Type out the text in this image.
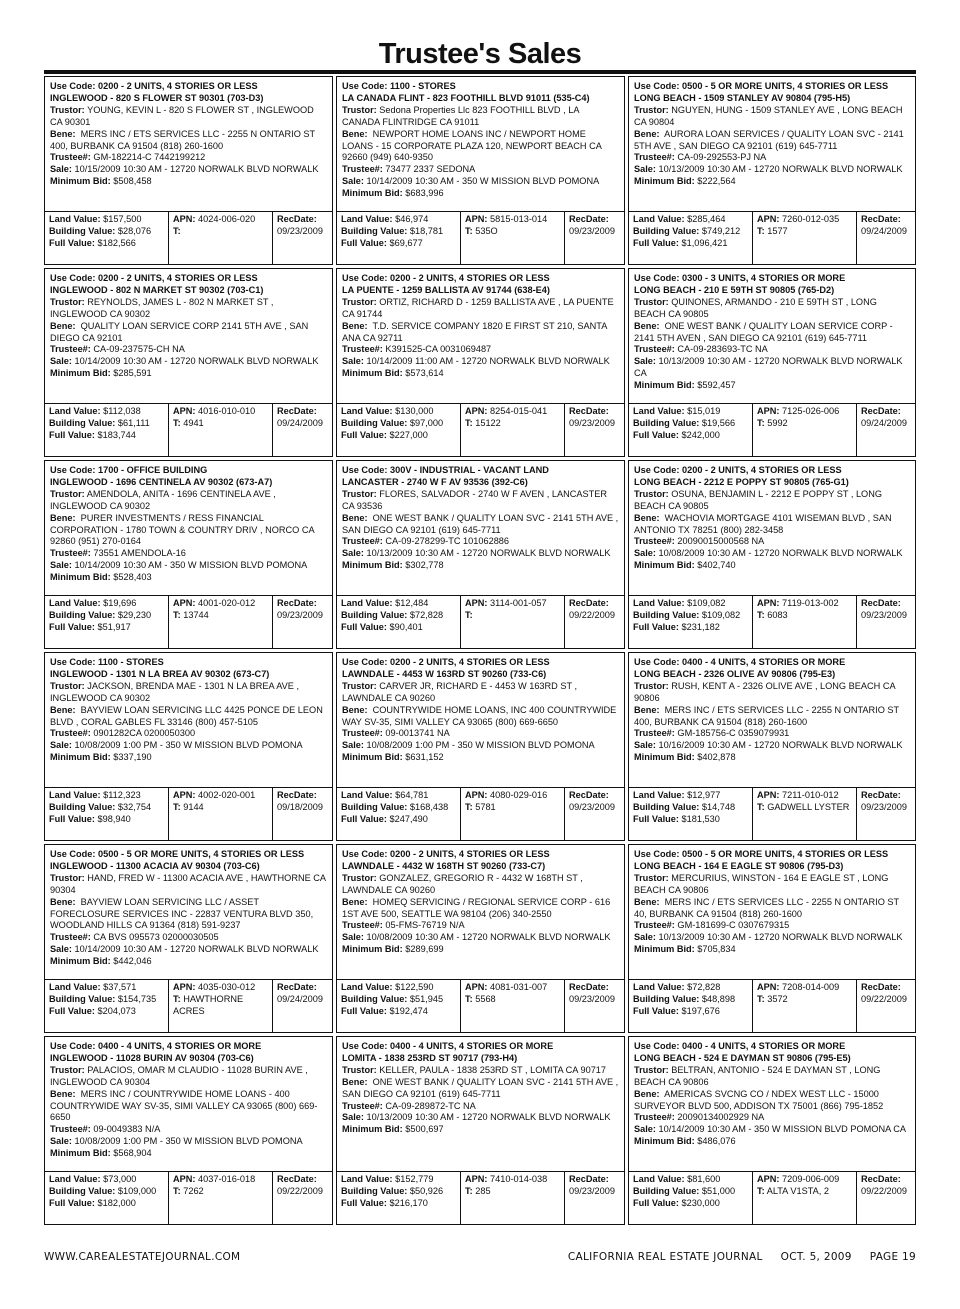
Trustee's Sales
Use Code: 0200 - 2 UNITS, 4 STORIES OR LESS
INGLEWOOD - 820 S FLOWER ST 90301 (703-D3)
Trustor: YOUNG, KEVIN L - 820 S FLOWER ST , INGLEWOOD CA 90301
Bene: MERS INC / ETS SERVICES LLC - 2255 N ONTARIO ST 400, BURBANK CA 91504 (818) 260-1600
Trustee#: GM-182214-C 7442199212
Sale: 10/15/2009 10:30 AM - 12720 NORWALK BLVD NORWALK
Minimum Bid: $508,458
Land Value: $157,500
Building Value: $28,076
Full Value: $182,566
APN: 4024-006-020
T:
RecDate:
09/23/2009
Use Code: 1100 - STORES
LA CANADA FLINT - 823 FOOTHILL BLVD 91011 (535-C4)
Trustor: Sedona Properties Llc 823 FOOTHILL BLVD , LA CANADA FLINTRIDGE CA 91011
Bene: NEWPORT HOME LOANS INC / NEWPORT HOME LOANS - 15 CORPORATE PLAZA 120, NEWPORT BEACH CA 92660 (949) 640-9350
Trustee#: 73477 2337 SEDONA
Sale: 10/14/2009 10:30 AM - 350 W MISSION BLVD POMONA
Minimum Bid: $683,996
Land Value: $46,974
Building Value: $18,781
Full Value: $69,677
APN: 5815-013-014
T: 535O
RecDate:
09/23/2009
Use Code: 0500 - 5 OR MORE UNITS, 4 STORIES OR LESS
LONG BEACH - 1509 STANLEY AV 90804 (795-H5)
Trustor: NGUYEN, HUNG - 1509 STANLEY AVE , LONG BEACH CA 90804
Bene: AURORA LOAN SERVICES / QUALITY LOAN SVC - 2141 5TH AVE , SAN DIEGO CA 92101 (619) 645-7711
Trustee#: CA-09-292553-PJ NA
Sale: 10/13/2009 10:30 AM - 12720 NORWALK BLVD NORWALK
Minimum Bid: $222,564
Land Value: $285,464
Building Value: $749,212
Full Value: $1,096,421
APN: 7260-012-035
T: 1577
RecDate:
09/24/2009
Use Code: 0200 - 2 UNITS, 4 STORIES OR LESS
INGLEWOOD - 802 N MARKET ST 90302 (703-C1)
Trustor: REYNOLDS, JAMES L - 802 N MARKET ST , INGLEWOOD CA 90302
Bene: QUALITY LOAN SERVICE CORP 2141 5TH AVE , SAN DIEGO CA 92101
Trustee#: CA-09-237575-CH NA
Sale: 10/14/2009 10:30 AM - 12720 NORWALK BLVD NORWALK
Minimum Bid: $285,591
Land Value: $112,038
Building Value: $61,111
Full Value: $183,744
APN: 4016-010-010
T: 4941
RecDate:
09/24/2009
Use Code: 0200 - 2 UNITS, 4 STORIES OR LESS
LA PUENTE - 1259 BALLISTA AV 91744 (638-E4)
Trustor: ORTIZ, RICHARD D - 1259 BALLISTA AVE , LA PUENTE CA 91744
Bene: T.D. SERVICE COMPANY 1820 E FIRST ST 210, SANTA ANA CA 92711
Trustee#: K391525-CA 0031069487
Sale: 10/14/2009 11:00 AM - 12720 NORWALK BLVD NORWALK
Minimum Bid: $573,614
Land Value: $130,000
Building Value: $97,000
Full Value: $227,000
APN: 8254-015-041
T: 15122
RecDate:
09/23/2009
Use Code: 0300 - 3 UNITS, 4 STORIES OR MORE
LONG BEACH - 210 E 59TH ST 90805 (765-D2)
Trustor: QUINONES, ARMANDO - 210 E 59TH ST , LONG BEACH CA 90805
Bene: ONE WEST BANK / QUALITY LOAN SERVICE CORP - 2141 5TH AVEN , SAN DIEGO CA 92101 (619) 645-7711
Trustee#: CA-09-283693-TC NA
Sale: 10/13/2009 10:30 AM - 12720 NORWALK BLVD NORWALK CA
Minimum Bid: $592,457
Land Value: $15,019
Building Value: $19,566
Full Value: $242,000
APN: 7125-026-006
T: 5992
RecDate:
09/24/2009
Use Code: 1700 - OFFICE BUILDING
INGLEWOOD - 1696 CENTINELA AV 90302 (673-A7)
Trustor: AMENDOLA, ANITA - 1696 CENTINELA AVE , INGLEWOOD CA 90302
Bene: PURER INVESTMENTS / RESS FINANCIAL CORPORATION - 1780 TOWN & COUNTRY DRIV , NORCO CA 92860 (951) 270-0164
Trustee#: 73551 AMENDOLA-16
Sale: 10/14/2009 10:30 AM - 350 W MISSION BLVD POMONA
Minimum Bid: $528,403
Land Value: $19,696
Building Value: $29,230
Full Value: $51,917
APN: 4001-020-012
T: 13744
RecDate:
09/23/2009
Use Code: 300V - INDUSTRIAL - VACANT LAND
LANCASTER - 2740 W F AV 93536 (392-C6)
Trustor: FLORES, SALVADOR - 2740 W F AVEN , LANCASTER CA 93536
Bene: ONE WEST BANK / QUALITY LOAN SVC - 2141 5TH AVE , SAN DIEGO CA 92101 (619) 645-7711
Trustee#: CA-09-278299-TC 101062886
Sale: 10/13/2009 10:30 AM - 12720 NORWALK BLVD NORWALK
Minimum Bid: $302,778
Land Value: $12,484
Building Value: $72,828
Full Value: $90,401
APN: 3114-001-057
T:
RecDate:
09/22/2009
Use Code: 0200 - 2 UNITS, 4 STORIES OR LESS
LONG BEACH - 2212 E POPPY ST 90805 (765-G1)
Trustor: OSUNA, BENJAMIN L - 2212 E POPPY ST , LONG BEACH CA 90805
Bene: WACHOVIA MORTGAGE 4101 WISEMAN BLVD , SAN ANTONIO TX 78251 (800) 282-3458
Trustee#: 20090015000568 NA
Sale: 10/08/2009 10:30 AM - 12720 NORWALK BLVD NORWALK
Minimum Bid: $402,740
Land Value: $109,082
Building Value: $109,082
Full Value: $231,182
APN: 7119-013-002
T: 6083
RecDate:
09/23/2009
Use Code: 1100 - STORES
INGLEWOOD - 1301 N LA BREA AV 90302 (673-C7)
Trustor: JACKSON, BRENDA MAE - 1301 N LA BREA AVE , INGLEWOOD CA 90302
Bene: BAYVIEW LOAN SERVICING LLC 4425 PONCE DE LEON BLVD , CORAL GABLES FL 33146 (800) 457-5105
Trustee#: 0901282CA 0200050300
Sale: 10/08/2009 1:00 PM - 350 W MISSION BLVD POMONA
Minimum Bid: $337,190
Land Value: $112,323
Building Value: $32,754
Full Value: $98,940
APN: 4002-020-001
T: 9144
RecDate:
09/18/2009
Use Code: 0200 - 2 UNITS, 4 STORIES OR LESS
LAWNDALE - 4453 W 163RD ST 90260 (733-C6)
Trustor: CARVER JR, RICHARD E - 4453 W 163RD ST , LAWNDALE CA 90260
Bene: COUNTRYWIDE HOME LOANS, INC 400 COUNTRYWIDE WAY SV-35, SIMI VALLEY CA 93065 (800) 669-6650
Trustee#: 09-0013741 NA
Sale: 10/08/2009 1:00 PM - 350 W MISSION BLVD POMONA
Minimum Bid: $631,152
Land Value: $64,781
Building Value: $168,438
Full Value: $247,490
APN: 4080-029-016
T: 5781
RecDate:
09/23/2009
Use Code: 0400 - 4 UNITS, 4 STORIES OR MORE
LONG BEACH - 2326 OLIVE AV 90806 (795-E3)
Trustor: RUSH, KENT A - 2326 OLIVE AVE , LONG BEACH CA 90806
Bene: MERS INC / ETS SERVICES LLC - 2255 N ONTARIO ST 400, BURBANK CA 91504 (818) 260-1600
Trustee#: GM-185756-C 0359079931
Sale: 10/16/2009 10:30 AM - 12720 NORWALK BLVD NORWALK
Minimum Bid: $402,878
Land Value: $12,977
Building Value: $14,748
Full Value: $181,530
APN: 7211-010-012
T: GADWELL LYSTER
RecDate:
09/23/2009
Use Code: 0500 - 5 OR MORE UNITS, 4 STORIES OR LESS
INGLEWOOD - 11300 ACACIA AV 90304 (703-C6)
Trustor: HAND, FRED W - 11300 ACACIA AVE , HAWTHORNE CA 90304
Bene: BAYVIEW LOAN SERVICING LLC / ASSET FORECLOSURE SERVICES INC - 22837 VENTURA BLVD 350, WOODLAND HILLS CA 91364 (818) 591-9237
Trustee#: CA BVS 095573 02000030505
Sale: 10/14/2009 10:30 AM - 12720 NORWALK BLVD NORWALK
Minimum Bid: $442,046
Land Value: $37,571
Building Value: $154,735
Full Value: $204,073
APN: 4035-030-012
T: HAWTHORNE ACRES
RecDate:
09/24/2009
Use Code: 0200 - 2 UNITS, 4 STORIES OR LESS
LAWNDALE - 4432 W 168TH ST 90260 (733-C7)
Trustor: GONZALEZ, GREGORIO R - 4432 W 168TH ST , LAWNDALE CA 90260
Bene: HOMEQ SERVICING / REGIONAL SERVICE CORP - 616 1ST AVE 500, SEATTLE WA 98104 (206) 340-2550
Trustee#: 05-FMS-76719 N/A
Sale: 10/08/2009 10:30 AM - 12720 NORWALK BLVD NORWALK
Minimum Bid: $289,699
Land Value: $122,590
Building Value: $51,945
Full Value: $192,474
APN: 4081-031-007
T: 5568
RecDate:
09/23/2009
Use Code: 0500 - 5 OR MORE UNITS, 4 STORIES OR LESS
LONG BEACH - 164 E EAGLE ST 90806 (795-D3)
Trustor: MERCURIUS, WINSTON - 164 E EAGLE ST , LONG BEACH CA 90806
Bene: MERS INC / ETS SERVICES LLC - 2255 N ONTARIO ST 40, BURBANK CA 91504 (818) 260-1600
Trustee#: GM-181699-C 0307679315
Sale: 10/13/2009 10:30 AM - 12720 NORWALK BLVD NORWALK
Minimum Bid: $705,834
Land Value: $72,828
Building Value: $48,898
Full Value: $197,676
APN: 7208-014-009
T: 3572
RecDate:
09/22/2009
Use Code: 0400 - 4 UNITS, 4 STORIES OR MORE
INGLEWOOD - 11028 BURIN AV 90304 (703-C6)
Trustor: PALACIOS, OMAR M CLAUDIO - 11028 BURIN AVE , INGLEWOOD CA 90304
Bene: MERS INC / COUNTRYWIDE HOME LOANS - 400 COUNTRYWIDE WAY SV-35, SIMI VALLEY CA 93065 (800) 669-6650
Trustee#: 09-0049383 N/A
Sale: 10/08/2009 1:00 PM - 350 W MISSION BLVD POMONA
Minimum Bid: $568,904
Land Value: $73,000
Building Value: $109,000
Full Value: $182,000
APN: 4037-016-018
T: 7262
RecDate:
09/22/2009
Use Code: 0400 - 4 UNITS, 4 STORIES OR MORE
LOMITA - 1838 253RD ST 90717 (793-H4)
Trustor: KELLER, PAULA - 1838 253RD ST , LOMITA CA 90717
Bene: ONE WEST BANK / QUALITY LOAN SVC - 2141 5TH AVE , SAN DIEGO CA 92101 (619) 645-7711
Trustee#: CA-09-289872-TC NA
Sale: 10/13/2009 10:30 AM - 12720 NORWALK BLVD NORWALK
Minimum Bid: $500,697
Land Value: $152,779
Building Value: $50,926
Full Value: $216,170
APN: 7410-014-038
T: 285
RecDate:
09/23/2009
Use Code: 0400 - 4 UNITS, 4 STORIES OR MORE
LONG BEACH - 524 E DAYMAN ST 90806 (795-E5)
Trustor: BELTRAN, ANTONIO - 524 E DAYMAN ST , LONG BEACH CA 90806
Bene: AMERICAS SVCNG CO / NDEX WEST LLC - 15000 SURVEYOR BLVD 500, ADDISON TX 75001 (866) 795-1852
Trustee#: 20090134002929 NA
Sale: 10/14/2009 10:30 AM - 350 W MISSION BLVD POMONA CA
Minimum Bid: $486,076
Land Value: $81,600
Building Value: $51,000
Full Value: $230,000
APN: 7209-006-009
T: ALTA V1STA, 2
RecDate:
09/22/2009
WWW.CAREALESTATEJOURNAL.COM	CALIFORNIA REAL ESTATE JOURNAL OCT. 5, 2009 PAGE 19
